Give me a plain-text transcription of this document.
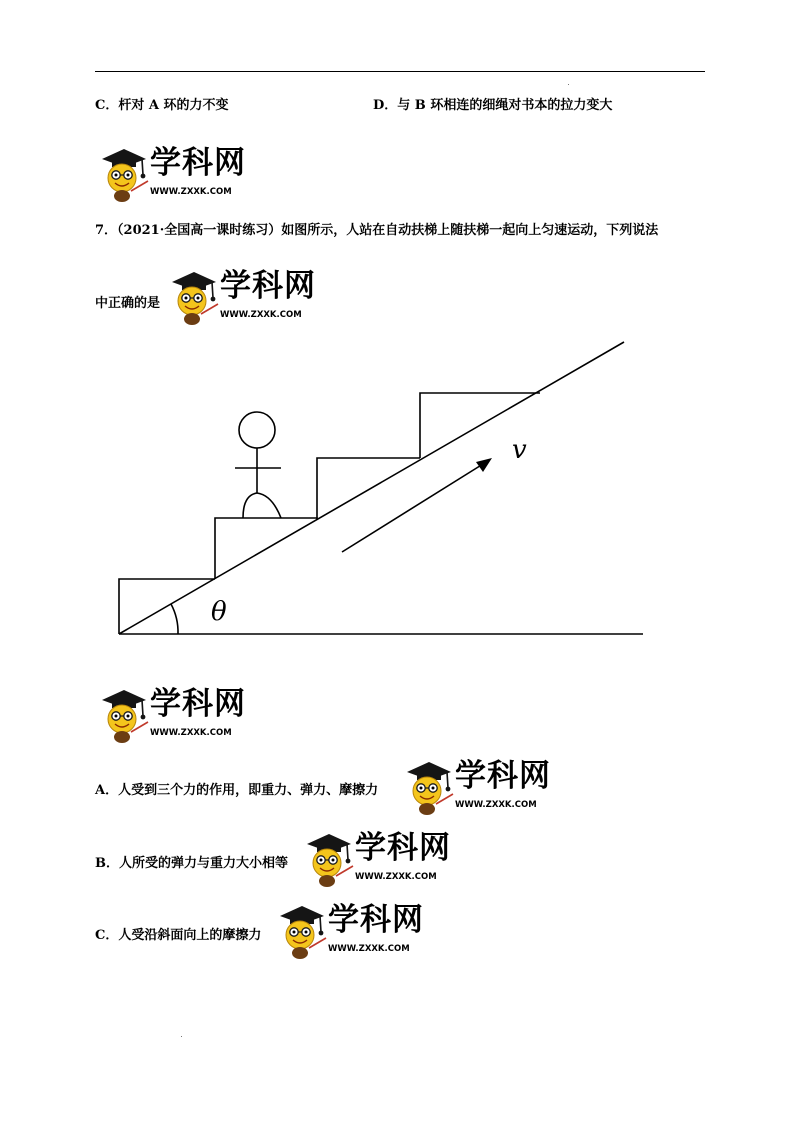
C．杆对 A 环的力不变	D．与 B 环相连的细绳对书本的拉力变大
学科网
WWW.ZXXK.COM
7．（2021·全国高一课时练习）如图所示，人站在自动扶梯上随扶梯一起向上匀速运动，下列说法
中正确的是 学科网
WWW.ZXXK.COM
v
θ
学科网
WWW.ZXXK.COM
A．人受到三个力的作用，即重力、弹力、摩擦力 学科网
WWW.ZXXK.COM
B．人所受的弹力与重力大小相等 学科网
WWW.ZXXK.COM
C．人受沿斜面向上的摩擦力 学科网
WWW.ZXXK.COM
